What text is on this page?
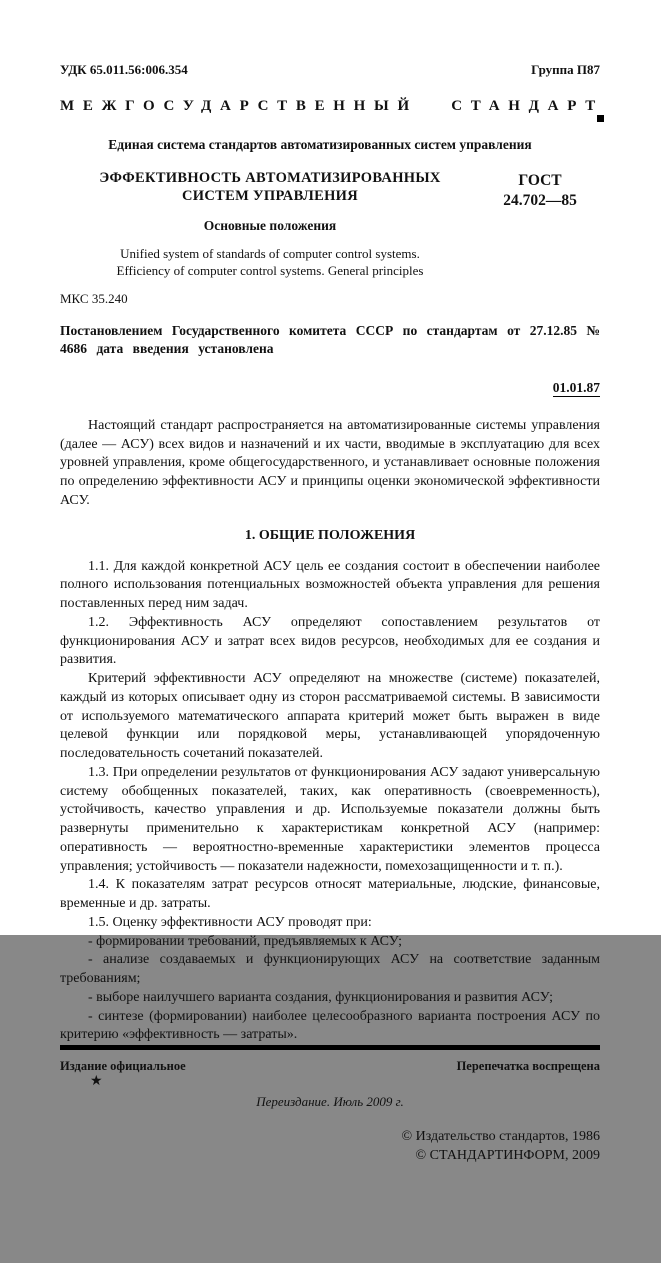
УДК 65.011.56:006.354	Группа П87
МЕЖГОСУДАРСТВЕННЫЙ СТАНДАРТ
Единая система стандартов автоматизированных систем управления
ЭФФЕКТИВНОСТЬ АВТОМАТИЗИРОВАННЫХ
СИСТЕМ УПРАВЛЕНИЯ
Основные положения
Unified system of standards of computer control systems.
Efficiency of computer control systems. General principles
ГОСТ
24.702—85
МКС 35.240

Постановлением Государственного комитета СССР по стандартам от 27.12.85 № 4686 дата введения установлена

01.01.87

Настоящий стандарт распространяется на автоматизированные системы управления (далее — АСУ) всех видов и назначений и их части, вводимые в эксплуатацию для всех уровней управления, кроме общегосударственного, и устанавливает основные положения по определению эффективности АСУ и принципы оценки экономической эффективности АСУ.

1. ОБЩИЕ ПОЛОЖЕНИЯ

1.1. Для каждой конкретной АСУ цель ее создания состоит в обеспечении наиболее полного использования потенциальных возможностей объекта управления для решения поставленных перед ним задач.

1.2. Эффективность АСУ определяют сопоставлением результатов от функционирования АСУ и затрат всех видов ресурсов, необходимых для ее создания и развития.

Критерий эффективности АСУ определяют на множестве (системе) показателей, каждый из которых описывает одну из сторон рассматриваемой системы. В зависимости от используемого математического аппарата критерий может быть выражен в виде целевой функции или порядковой меры, устанавливающей упорядоченную последовательность сочетаний показателей.

1.3. При определении результатов от функционирования АСУ задают универсальную систему обобщенных показателей, таких, как оперативность (своевременность), устойчивость, качество управления и др. Используемые показатели должны быть развернуты применительно к характеристикам конкретной АСУ (например: оперативность — вероятностно-временные характеристики элементов процесса управления; устойчивость — показатели надежности, помехозащищенности и т. п.).

1.4. К показателям затрат ресурсов относят материальные, людские, финансовые, временные и др. затраты.

1.5. Оценку эффективности АСУ проводят при:

- формировании требований, предъявляемых к АСУ;

- анализе создаваемых и функционирующих АСУ на соответствие заданным требованиям;

- выборе наилучшего варианта создания, функционирования и развития АСУ;

- синтезе (формировании) наиболее целесообразного варианта построения АСУ по критерию «эффективность — затраты».

Издание официальное	Перепечатка воспрещена
★
Переиздание. Июль 2009 г.
© Издательство стандартов, 1986
© СТАНДАРТИНФОРМ, 2009
